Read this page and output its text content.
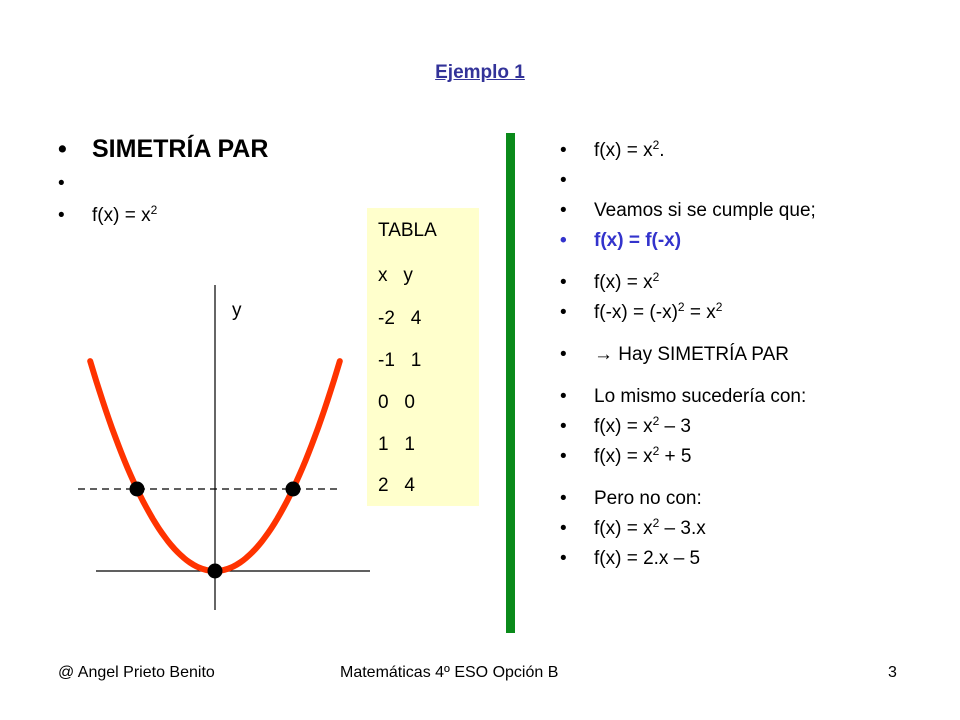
Ejemplo 1
• SIMETRÍA PAR
•
• $f(x) = x^2$
TABLA
x   y
-2   4
-1   1
0   0
1   1
2   4
y
• $f(x) = x^2$.
•
• Veamos si se cumple que;
• f(x) = f(-x)
• $f(x) = x^2$
• $f(-x) = (-x)^2 = x^2$
• → Hay SIMETRÍA PAR
• Lo mismo sucedería con:
• $f(x) = x^2 - 3$
• $f(x) = x^2 + 5$
• Pero no con:
• $f(x) = x^2 - 3.x$
• f(x) = 2.x – 5
@ Angel Prieto Benito	Matemáticas 4º ESO Opción B	3
